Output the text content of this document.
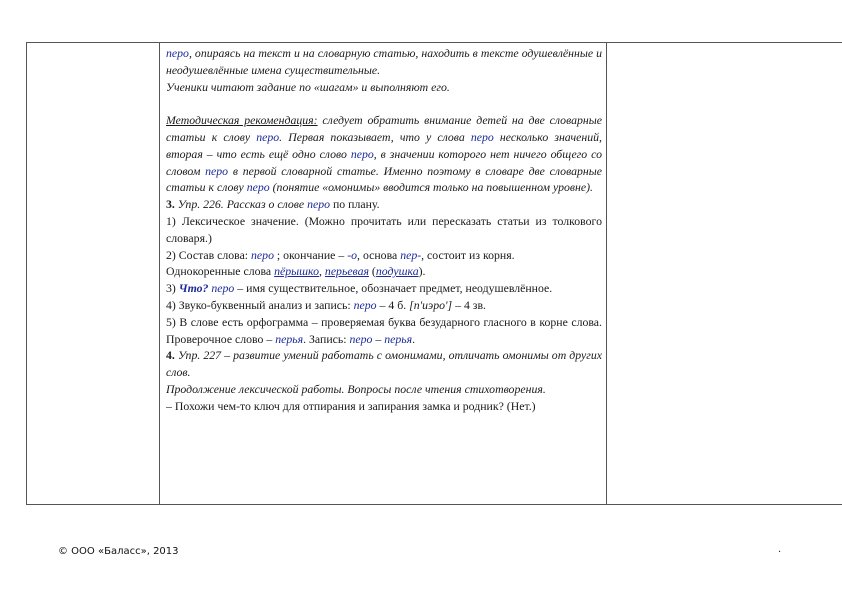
перо, опираясь на текст и на словарную статью, находить в тексте одушевлённые и неодушевлённые имена существительные.

Ученики читают задание по «шагам» и выполняют его.

Методическая рекомендация: следует обратить внимание детей на две словарные статьи к слову перо. Первая показывает, что у слова перо несколько значений, вторая – что есть ещё одно слово перо, в значении которого нет ничего общего со словом перо в первой словарной статье. Именно поэтому в словаре две словарные статьи к слову перо (понятие «омонимы» вводится только на повышенном уровне).

3. Упр. 226. Рассказ о слове перо по плану.

1) Лексическое значение. (Можно прочитать или пересказать статьи из толкового словаря.)

2) Состав слова: перо ; окончание – -о, основа пер-, состоит из корня.

Однокоренные слова пёрышко, перьевая (подушка).

3) Что? перо – имя существительное, обозначает предмет, неодушевлённое.

4) Звуко-буквенный анализ и запись: перо – 4 б. [п'иэро'] – 4 зв.

5) В слове есть орфограмма – проверяемая буква безударного гласного в корне слова. Проверочное слово – перья. Запись: перо – перья.

4. Упр. 227 – развитие умений работать с омонимами, отличать омонимы от других слов.

Продолжение лексической работы. Вопросы после чтения стихотворения.

– Похожи чем-то ключ для отпирания и запирания замка и родник? (Нет.)

© ООО «Баласс», 2013	.
